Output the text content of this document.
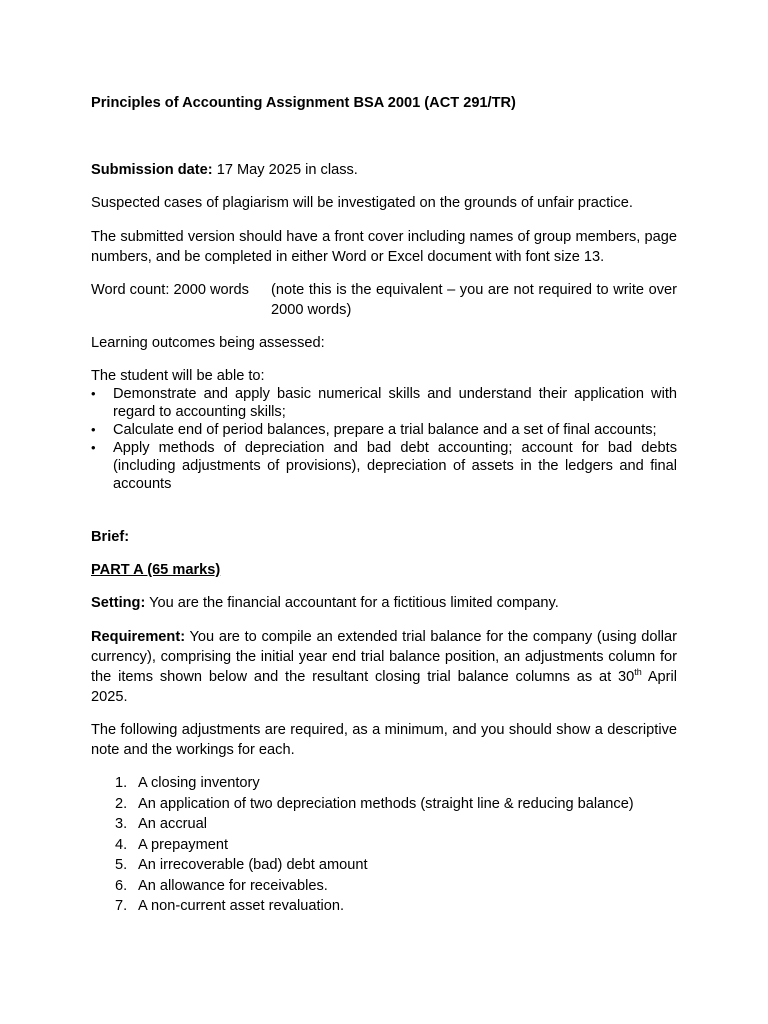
Principles of Accounting Assignment BSA 2001 (ACT 291/TR)

Submission date: 17 May 2025 in class.

Suspected cases of plagiarism will be investigated on the grounds of unfair practice.

The submitted version should have a front cover including names of group members, page numbers, and be completed in either Word or Excel document with font size 13.

Word count: 2000 words	(note this is the equivalent – you are not required to write over 2000 words)

Learning outcomes being assessed:

The student will be able to:

• Demonstrate and apply basic numerical skills and understand their application with regard to accounting skills;
• Calculate end of period balances, prepare a trial balance and a set of final accounts;
• Apply methods of depreciation and bad debt accounting; account for bad debts (including adjustments of provisions), depreciation of assets in the ledgers and final accounts

Brief:

PART A (65 marks)

Setting: You are the financial accountant for a fictitious limited company.

Requirement: You are to compile an extended trial balance for the company (using dollar currency), comprising the initial year end trial balance position, an adjustments column for the items shown below and the resultant closing trial balance columns as at 30th April 2025.

The following adjustments are required, as a minimum, and you should show a descriptive note and the workings for each.

1. A closing inventory
2. An application of two depreciation methods (straight line & reducing balance)
3. An accrual
4. A prepayment
5. An irrecoverable (bad) debt amount
6. An allowance for receivables.
7. A non-current asset revaluation.
